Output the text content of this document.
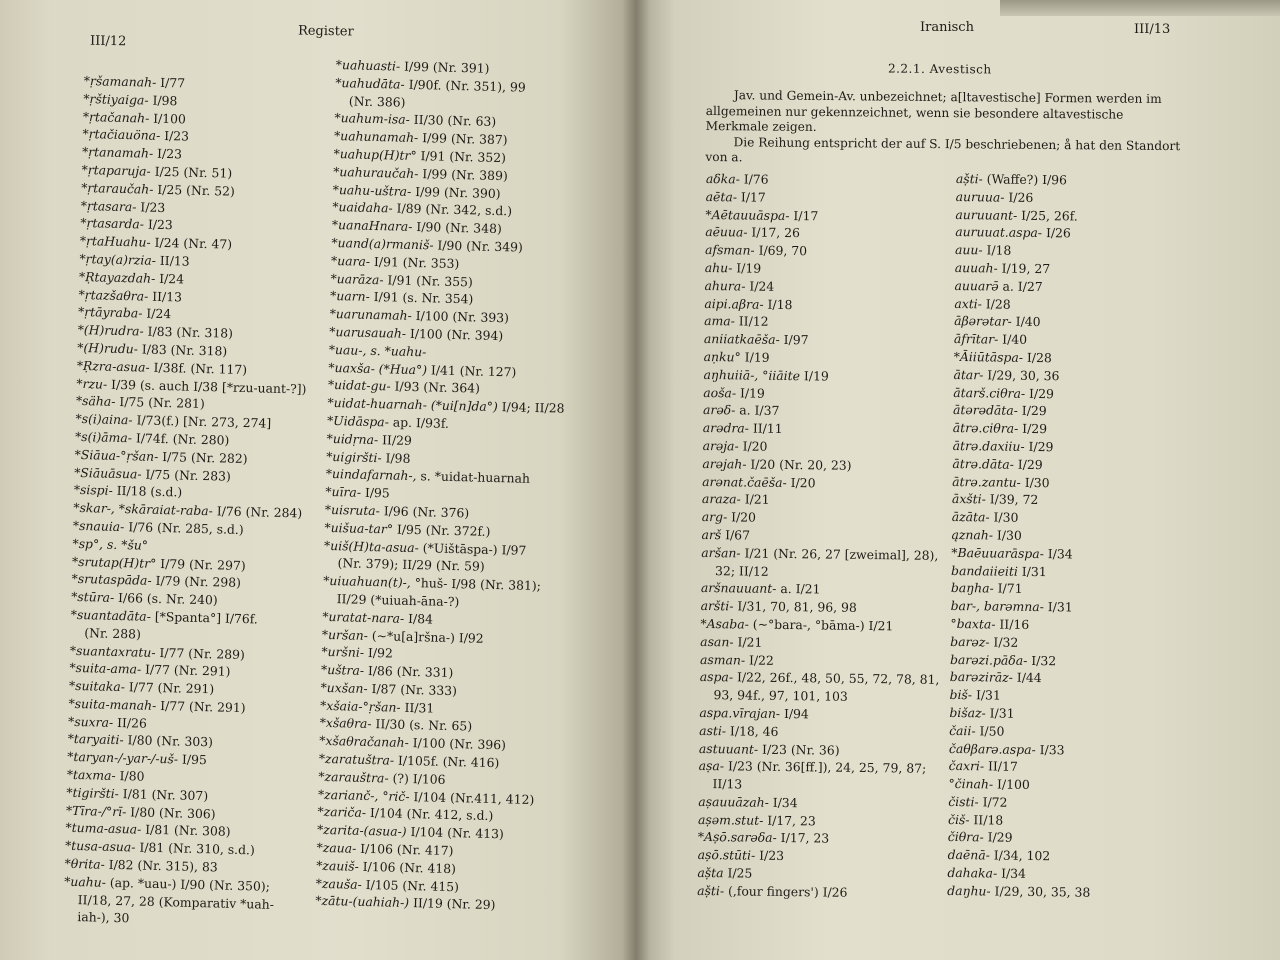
III/12
Register
*ṛšamanah- I/77
*ṛštiyaiga- I/98
*ṛtačanah- I/100
*ṛtačiauöna- I/23
*ṛtanamah- I/23
*ṛtaparuja- I/25 (Nr. 51)
*ṛtaraučah- I/25 (Nr. 52)
*ṛtasara- I/23
*ṛtasarda- I/23
*ṛtaHuahu- I/24 (Nr. 47)
*ṛtay(a)rzia- II/13
*Ṛtayazdah- I/24
*ṛtazšaθra- II/13
*ṛtāyraba- I/24
*(H)rudra- I/83 (Nr. 318)
*(H)rudu- I/83 (Nr. 318)
*Ṛzra-asua- I/38f. (Nr. 117)
*rzu- I/39 (s. auch I/38 [*rzu-uant-?])
*säha- I/75 (Nr. 281)
*s(i)aina- I/73(f.) [Nr. 273, 274]
*s(i)āma- I/74f. (Nr. 280)
*Siāua-°ṛšan- I/75 (Nr. 282)
*Siāuāsua- I/75 (Nr. 283)
*sispi- II/18 (s.d.)
*skar-, *skāraiat-raba- I/76 (Nr. 284)
*snauia- I/76 (Nr. 285, s.d.)
*sp°, s. *šu°
*srutap(H)tr° I/79 (Nr. 297)
*srutaspāda- I/79 (Nr. 298)
*stūra- I/66 (s. Nr. 240)
*suantadāta- [*Spanta°] I/76f.
(Nr. 288)
*suantaxratu- I/77 (Nr. 289)
*suita-ama- I/77 (Nr. 291)
*suitaka- I/77 (Nr. 291)
*suita-manah- I/77 (Nr. 291)
*suxra- II/26
*taryaiti- I/80 (Nr. 303)
*taryan-/-yar-/-uš- I/95
*taxma- I/80
*tigiršti- I/81 (Nr. 307)
*Tīra-/°rī- I/80 (Nr. 306)
*tuma-asua- I/81 (Nr. 308)
*tusa-asua- I/81 (Nr. 310, s.d.)
*θrita- I/82 (Nr. 315), 83
*uahu- (ap. *uau-) I/90 (Nr. 350);
II/18, 27, 28 (Komparativ *uah-
iah-), 30
*uahuasti- I/99 (Nr. 391)
*uahudāta- I/90f. (Nr. 351), 99
(Nr. 386)
*uahum-isa- II/30 (Nr. 63)
*uahunamah- I/99 (Nr. 387)
*uahup(H)tr° I/91 (Nr. 352)
*uahuraučah- I/99 (Nr. 389)
*uahu-uštra- I/99 (Nr. 390)
*uaidaha- I/89 (Nr. 342, s.d.)
*uanaHnara- I/90 (Nr. 348)
*uand(a)rmaniš- I/90 (Nr. 349)
*uara- I/91 (Nr. 353)
*uarāza- I/91 (Nr. 355)
*uarn- I/91 (s. Nr. 354)
*uarunamah- I/100 (Nr. 393)
*uarusauah- I/100 (Nr. 394)
*uau-, s. *uahu-
*uaxša- (*Hua°) I/41 (Nr. 127)
*uidat-gu- I/93 (Nr. 364)
*uidat-huarnah- (*ui[n]da°) I/94; II/28
*Uidāspa- ap. I/93f.
*uidṛna- II/29
*uigiršti- I/98
*uindafarnah-, s. *uidat-huarnah
*uīra- I/95
*uisruta- I/96 (Nr. 376)
*uišua-tar° I/95 (Nr. 372f.)
*uiš(H)ta-asua- (*Uištāspa-) I/97
(Nr. 379); II/29 (Nr. 59)
*uiuahuan(t)-, °huš- I/98 (Nr. 381);
II/29 (*uiuah-āna-?)
*uratat-nara- I/84
*uršan- (~*u[a]ršna-) I/92
*uršni- I/92
*uštra- I/86 (Nr. 331)
*uxšan- I/87 (Nr. 333)
*xšaia-°ṛšan- II/31
*xšaθra- II/30 (s. Nr. 65)
*xšaθračanah- I/100 (Nr. 396)
*zaratuštra- I/105f. (Nr. 416)
*zarauštra- (?) I/106
*zarianč-, °rič- I/104 (Nr.411, 412)
*zariča- I/104 (Nr. 412, s.d.)
*zarita-(asua-) I/104 (Nr. 413)
*zaua- I/106 (Nr. 417)
*zauiš- I/106 (Nr. 418)
*zauša- I/105 (Nr. 415)
*zātu-(uahiah-) II/19 (Nr. 29)
Iranisch	III/13
2.2.1. Avestisch

Jav. und Gemein-Av. unbezeichnet; a[ltavestische] Formen werden im allgemeinen nur gekennzeichnet, wenn sie besondere altavestische Merkmale zeigen.

Die Reihung entspricht der auf S. I/5 beschriebenen; å hat den Standort von a.

aδka- I/76
aēta- I/17
*Aētauuāspa- I/17
aēuua- I/17, 26
afsman- I/69, 70
ahu- I/19
ahura- I/24
aipi.aβra- I/18
ama- II/12
aniiatkaēša- I/97
aṇku° I/19
aŋhuiiā-, °iiāite I/19
aoša- I/19
arəδ- a. I/37
arədra- II/11
arəja- I/20
arəjah- I/20 (Nr. 20, 23)
arənat.čaēša- I/20
araza- I/21
arg- I/20
arš I/67
aršan- I/21 (Nr. 26, 27 [zweimal], 28),
32; II/12
aršnauuant- a. I/21
aršti- I/31, 70, 81, 96, 98
*Asaba- (~°bara-, °bāma-) I/21
asan- I/21
asman- I/22
aspa- I/22, 26f., 48, 50, 55, 72, 78, 81,
93, 94f., 97, 101, 103
aspa.vīrajan- I/94
asti- I/18, 46
astuuant- I/23 (Nr. 36)
aṣa- I/23 (Nr. 36[ff.]), 24, 25, 79, 87;
II/13
aṣauuāzah- I/34
aṣəm.stut- I/17, 23
*Aṣō.sarəδa- I/17, 23
aṣō.stūti- I/23
aṣ̌ta I/25
aṣ̌ti- (‚four fingers') I/26
aṣ̌ti- (Waffe?) I/96
auruua- I/26
auruuant- I/25, 26f.
auruuat.aspa- I/26
auu- I/18
auuah- I/19, 27
auuarə̄ a. I/27
axti- I/28
āβərətar- I/40
āfrītar- I/40
*Āiiūtāspa- I/28
ātar- I/29, 30, 36
ātarš.ciθra- I/29
ātərədāta- I/29
ātrə.ciθra- I/29
ātrə.daxiiu- I/29
ātrə.dāta- I/29
ātrə.zantu- I/30
āxšti- I/39, 72
āzāta- I/30
ąznah- I/30
*Baēuuarāspa- I/34
bandaiieiti I/31
baŋha- I/71
bar-, barəmna- I/31
°baxta- II/16
barəz- I/32
barəzi.pāδa- I/32
barəzirāz- I/44
biš- I/31
bišaz- I/31
čaii- I/50
čaθβarə.aspa- I/33
čaxri- II/17
°činah- I/100
čisti- I/72
čiš- II/18
čiθra- I/29
daēnā- I/34, 102
dahaka- I/34
daŋhu- I/29, 30, 35, 38
